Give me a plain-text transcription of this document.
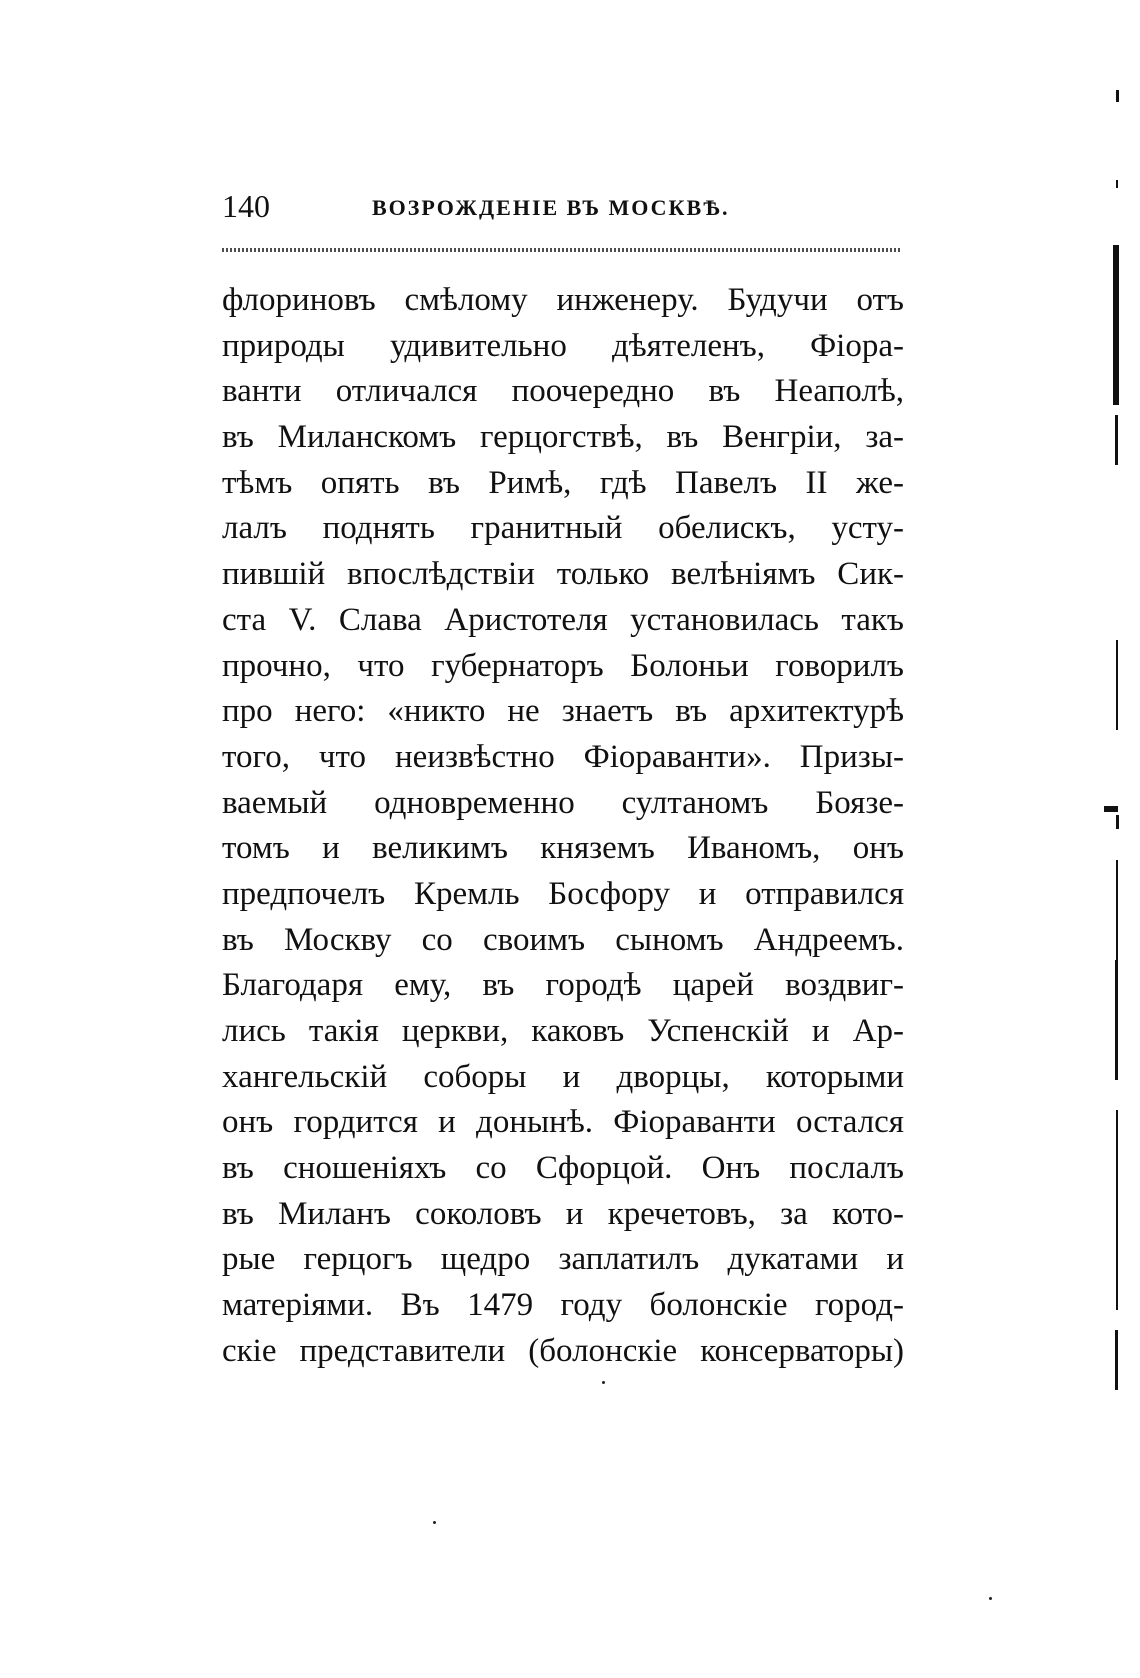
140	ВОЗРОЖДЕНІЕ ВЪ МОСКВѢ.
флориновъ смѣлому инженеру. Будучи отъ
природы удивительно дѣятеленъ, Фіора-
ванти отличался поочередно въ Неаполѣ,
въ Миланскомъ герцогствѣ, въ Венгріи, за-
тѣмъ опять въ Римѣ, гдѣ Павелъ II же-
лалъ поднять гранитный обелискъ, усту-
пившій впослѣдствіи только велѣніямъ Сик-
ста V. Слава Аристотеля установилась такъ
прочно, что губернаторъ Болоньи говорилъ
про него: «никто не знаетъ въ архитектурѣ
того, что неизвѣстно Фіораванти». Призы-
ваемый одновременно султаномъ Боязе-
томъ и великимъ княземъ Иваномъ, онъ
предпочелъ Кремль Босфору и отправился
въ Москву со своимъ сыномъ Андреемъ.
Благодаря ему, въ городѣ царей воздвиг-
лись такія церкви, каковъ Успенскій и Ар-
хангельскій соборы и дворцы, которыми
онъ гордится и донынѣ. Фіораванти остался
въ сношеніяхъ со Сфорцой. Онъ послалъ
въ Миланъ соколовъ и кречетовъ, за кото-
рые герцогъ щедро заплатилъ дукатами и
матеріями. Въ 1479 году болонскіе город-
скіе представители (болонскіе консерваторы)
